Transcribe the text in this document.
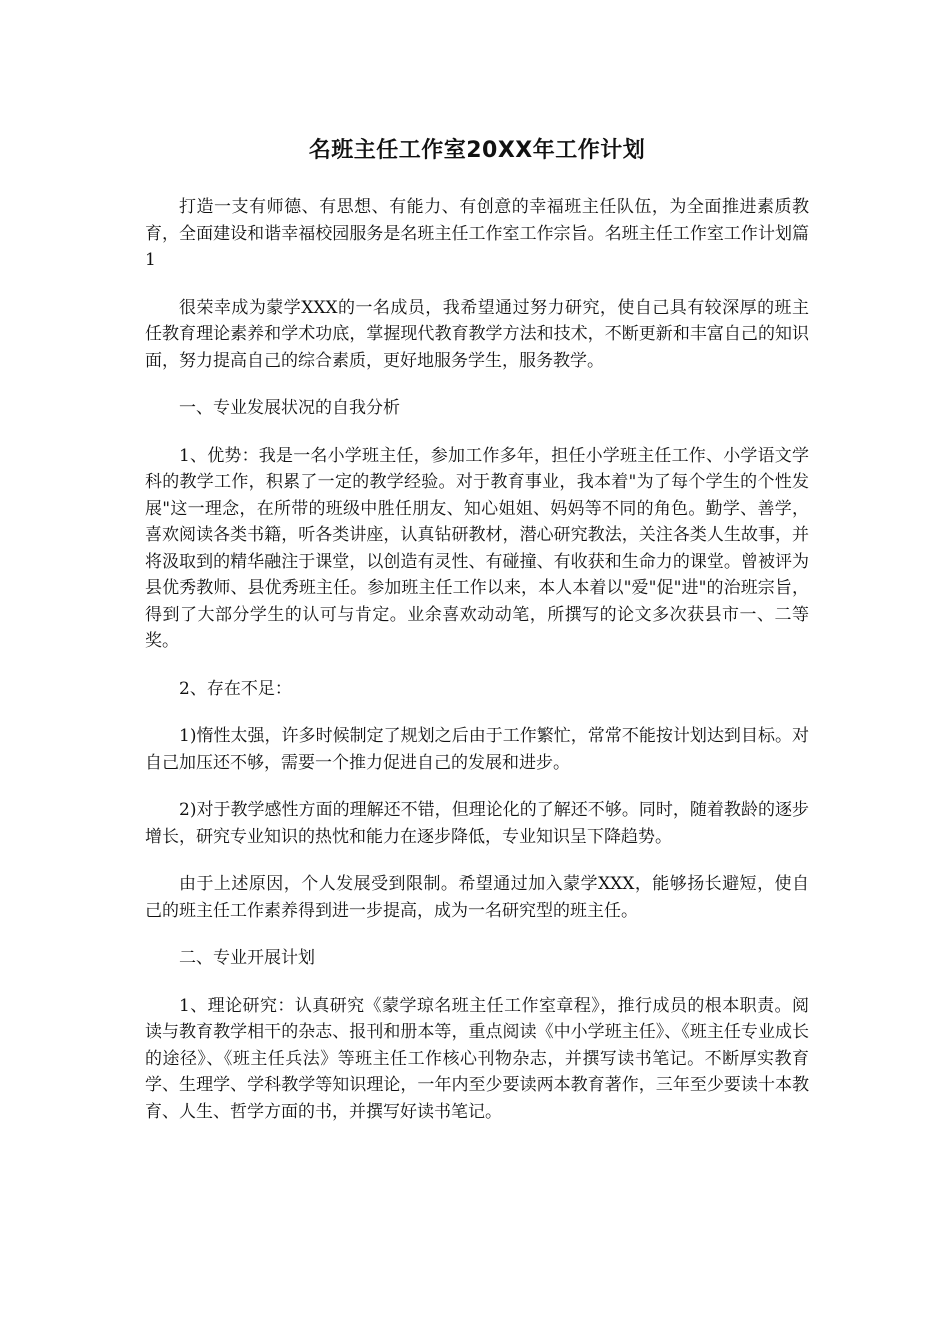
名班主任工作室20XX年工作计划

打造一支有师德、有思想、有能力、有创意的幸福班主任队伍，为全面推进素质教育，全面建设和谐幸福校园服务是名班主任工作室工作宗旨。名班主任工作室工作计划篇1

很荣幸成为蒙学XXX的一名成员，我希望通过努力研究，使自己具有较深厚的班主任教育理论素养和学术功底，掌握现代教育教学方法和技术，不断更新和丰富自己的知识面，努力提高自己的综合素质，更好地服务学生，服务教学。

一、专业发展状况的自我分析

1、优势：我是一名小学班主任，参加工作多年，担任小学班主任工作、小学语文学科的教学工作，积累了一定的教学经验。对于教育事业，我本着"为了每个学生的个性发展"这一理念，在所带的班级中胜任朋友、知心姐姐、妈妈等不同的角色。勤学、善学，喜欢阅读各类书籍，听各类讲座，认真钻研教材，潜心研究教法，关注各类人生故事，并将汲取到的精华融注于课堂，以创造有灵性、有碰撞、有收获和生命力的课堂。曾被评为县优秀教师、县优秀班主任。参加班主任工作以来，本人本着以"爱"促"进"的治班宗旨，得到了大部分学生的认可与肯定。业余喜欢动动笔，所撰写的论文多次获县市一、二等奖。

2、存在不足：

1)惰性太强，许多时候制定了规划之后由于工作繁忙，常常不能按计划达到目标。对自己加压还不够，需要一个推力促进自己的发展和进步。

2)对于教学感性方面的理解还不错，但理论化的了解还不够。同时，随着教龄的逐步增长，研究专业知识的热忱和能力在逐步降低，专业知识呈下降趋势。

由于上述原因，个人发展受到限制。希望通过加入蒙学XXX，能够扬长避短，使自己的班主任工作素养得到进一步提高，成为一名研究型的班主任。

二、专业开展计划

1、理论研究：认真研究《蒙学琼名班主任工作室章程》，推行成员的根本职责。阅读与教育教学相干的杂志、报刊和册本等，重点阅读《中小学班主任》、《班主任专业成长的途径》、《班主任兵法》等班主任工作核心刊物杂志，并撰写读书笔记。不断厚实教育学、生理学、学科教学等知识理论，一年内至少要读两本教育著作，三年至少要读十本教育、人生、哲学方面的书，并撰写好读书笔记。
